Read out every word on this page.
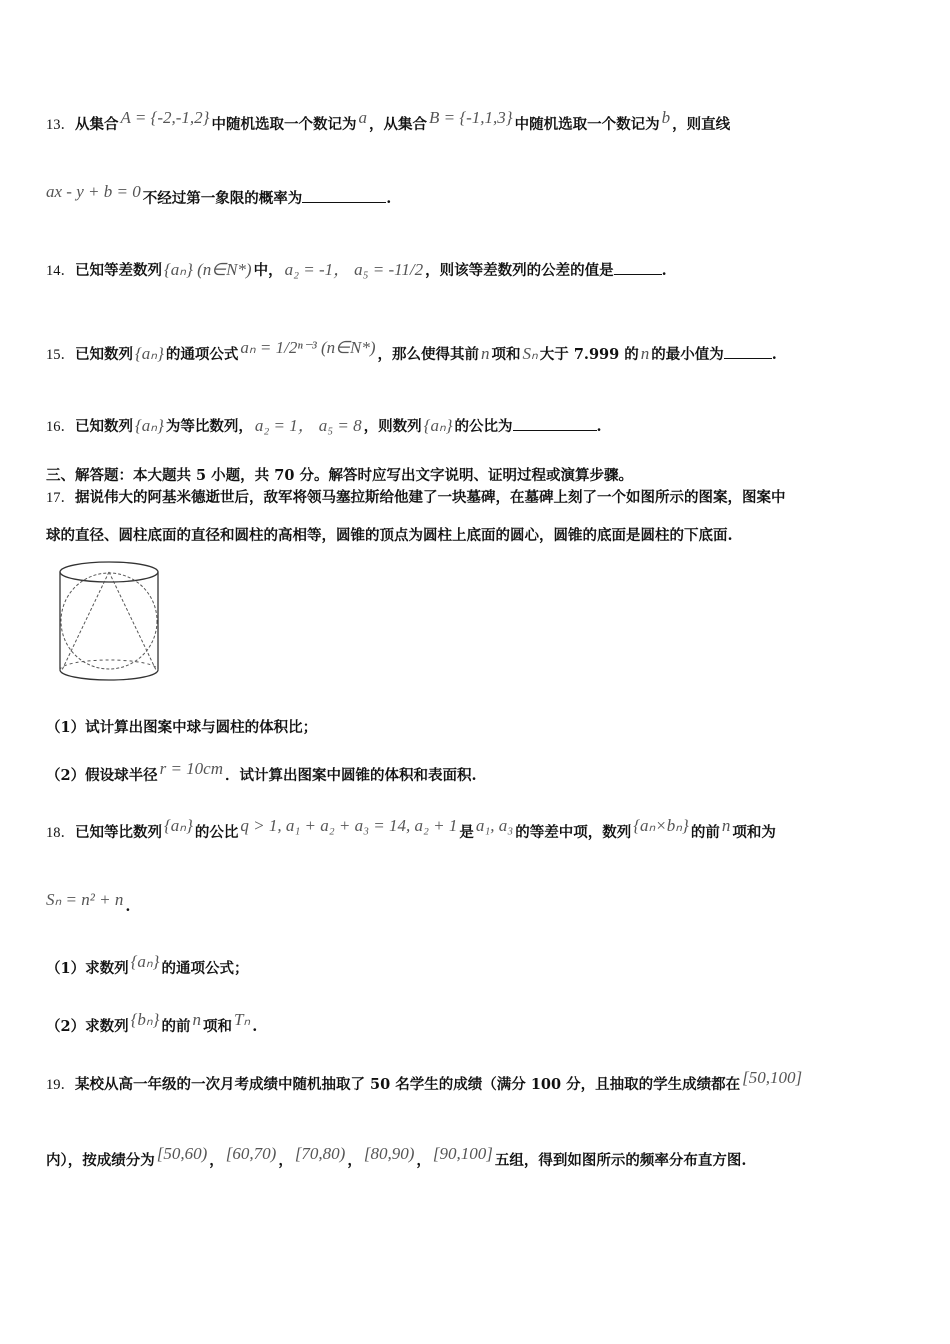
13．从集合 A = {-2,-1,2} 中随机选取一个数记为 a ，从集合 B = {-1,1,3} 中随机选取一个数记为 b ，则直线
ax - y + b = 0 不经过第一象限的概率为	.
14．已知等差数列 {aₙ} (n∈N*) 中， a₂ = -1， a₅ = -11/2 ，则该等差数列的公差的值是	.
15．已知数列 {aₙ} 的通项公式 aₙ = 1/2ⁿ⁻³ (n∈N*) ，那么使得其前 n 项和 Sₙ 大于 7.999 的 n 的最小值为	.
16．已知数列 {aₙ} 为等比数列， a₂ = 1， a₅ = 8 ，则数列 {aₙ} 的公比为	.
三、解答题：本大题共 5 小题，共 70 分。解答时应写出文字说明、证明过程或演算步骤。
17．据说伟大的阿基米德逝世后，敌军将领马塞拉斯给他建了一块墓碑，在墓碑上刻了一个如图所示的图案，图案中
球的直径、圆柱底面的直径和圆柱的高相等，圆锥的顶点为圆柱上底面的圆心，圆锥的底面是圆柱的下底面.
（1）试计算出图案中球与圆柱的体积比；
（2）假设球半径 r = 10cm ．试计算出图案中圆锥的体积和表面积.
18．已知等比数列 {aₙ} 的公比 q > 1, a₁ + a₂ + a₃ = 14, a₂ + 1 是 a₁, a₃ 的等差中项，数列 {aₙ×bₙ} 的前 n 项和为
Sₙ = n² + n .
（1）求数列 {aₙ} 的通项公式；
（2）求数列 {bₙ} 的前 n 项和 Tₙ .
19．某校从高一年级的一次月考成绩中随机抽取了 50 名学生的成绩（满分 100 分，且抽取的学生成绩都在 [50,100]
内），按成绩分为 [50,60) ， [60,70) ， [70,80) ， [80,90) ， [90,100] 五组，得到如图所示的频率分布直方图.
